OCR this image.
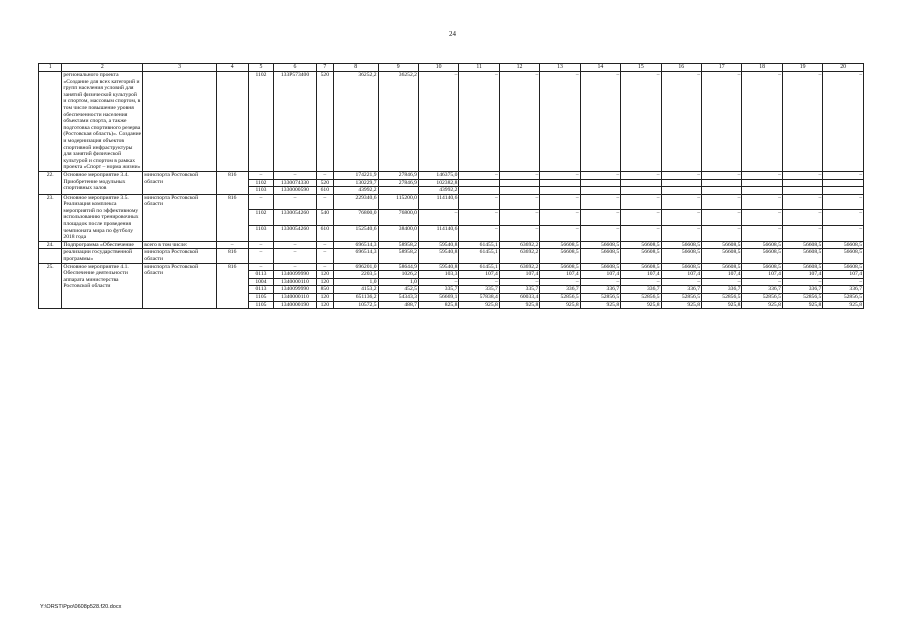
24
1	2	3	4	5	6	7	8	9	10	11	12	13	14	15	16	17	18	19	20
	регионального проекта «Создание для всех категорий и групп населения условий для занятий физической культурой и спортом, массовым спортом, в том числе повышение уровня обеспеченности населения объектами спорта, а также подготовка спортивного резерва (Ростовская область)». Создание и модернизация объектов спортивной инфраструктуры для занятий физической культурой и спортом в рамках проекта «Спорт – норма жизни»			1102	133P573400	520	36252,2	36252,2	–	–	–	–	–	–	–	–	–	–	–
22.	Основное мероприятие 3.4. Приобретение модульных спортивных залов	минспорта Ростовской области	816	–	–	–	174221,9	27846,9	146375,0	–	–	–	–	–	–	–	–	–	–
				1102	1330074330	520	130229,7	27846,9	102382,8										
				1103	1330000590	610	43992,2		43992,2										
23.	Основное мероприятие 3.5. Реализация комплекса мероприятий по эффективному использованию тренировочных площадок после проведения чемпионата мира по футболу 2018 года	минспорта Ростовской области	816	–	–	–	229340,6	115200,0	114140,6	–	–	–	–	–	–	–	–	–	–
				1102	1330054260	540	76800,0	76800,0	–	–	–	–	–	–	–	–	–	–	–
				1103	1330054260	610	152540,6	38400,0	114140,6	–	–	–	–	–	–	–	–	–	–
24.	Подпрограмма «Обеспечение	всего в том числе:	–	–	–	–	696514,3	58958,2	59540,8	61455,1	63692,2	56608,5	56608,5	56608,5	56608,5	56608,5	56608,5	56608,5	56608,5
	реализации государственной программы»	минспорта Ростовской области	816	–	–	–	696514,3	58958,2	59540,8	61455,1	63692,2	56608,5	56608,5	56608,5	56608,5	56608,5	56608,5	56608,5	56608,5
25.	Основное мероприятие 4.1. Обеспечение деятельности аппарата министерства Ростовской области	минспорта Ростовской области	816	–	–	–	696201,0	58644,9	59540,8	61455,1	63692,2	56608,5	56608,5	56608,5	56608,5	56608,5	56608,5	56608,5	56608,5
				0113	1340099990	120	2203,5	1026,2	103,3	107,4	107,4	107,4	107,4	107,4	107,4	107,4	107,4	107,4	107,4
				1004	1340000110	120	1,0	1,0	–	–	–	–	–	–	–	–	–	–	–
				0113	1340099990	850	4153,2	452,5	335,7	335,7	335,7	336,7	336,7	336,7	336,7	336,7	336,7	336,7	336,7
				1105	1340000110	120	651136,2	54343,3	56669,1	57838,4	60033,4	52856,5	52856,5	52856,5	52856,5	52856,5	52856,5	52856,5	52856,5
				1105	1340000190	120	10572,5	488,7	825,8	925,8	925,8	925,8	925,8	925,8	925,8	925,8	925,8	925,8	925,8
Y:\ORST\Ppo\0608p528.f20.docx
